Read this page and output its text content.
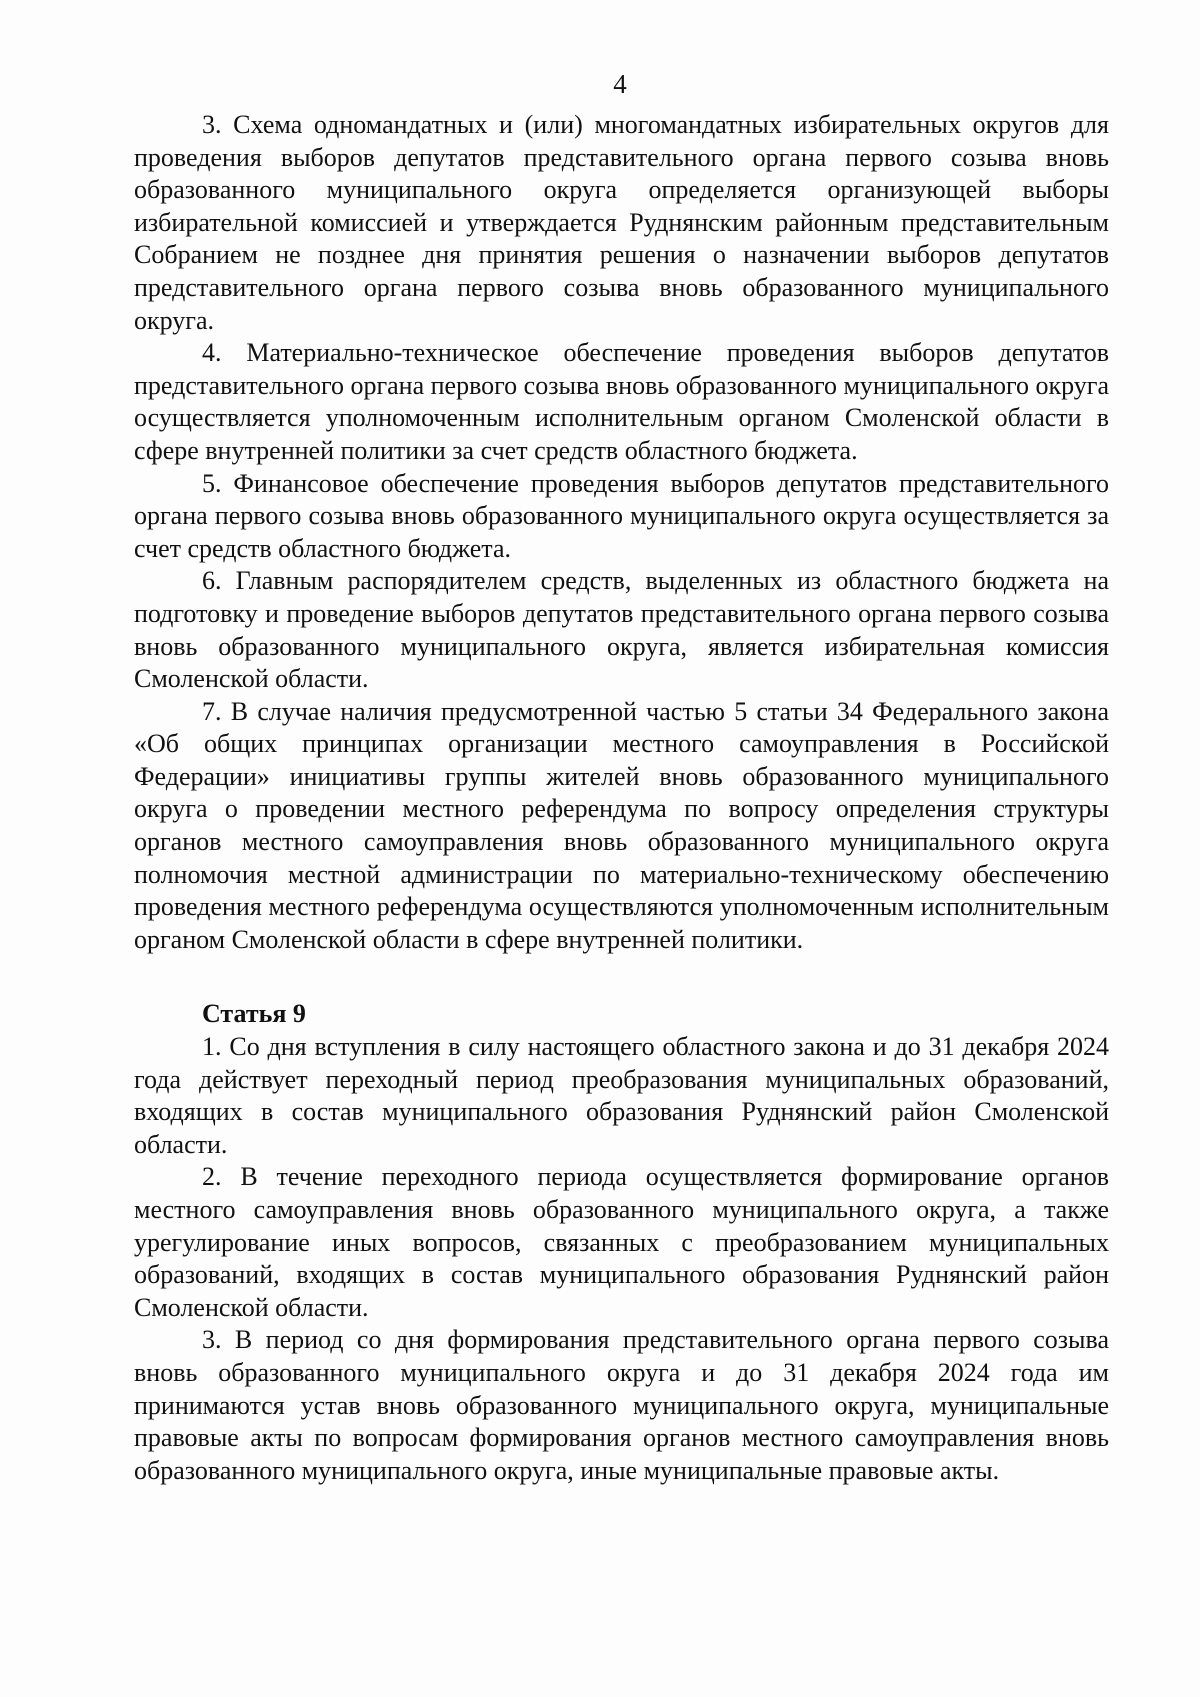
4

3. Схема одномандатных и (или) многомандатных избирательных округов для проведения выборов депутатов представительного органа первого созыва вновь образованного муниципального округа определяется организующей выборы избирательной комиссией и утверждается Руднянским районным представительным Собранием не позднее дня принятия решения о назначении выборов депутатов представительного органа первого созыва вновь образованного муниципального округа.

4. Материально-техническое обеспечение проведения выборов депутатов представительного органа первого созыва вновь образованного муниципального округа осуществляется уполномоченным исполнительным органом Смоленской области в сфере внутренней политики за счет средств областного бюджета.

5. Финансовое обеспечение проведения выборов депутатов представительного органа первого созыва вновь образованного муниципального округа осуществляется за счет средств областного бюджета.

6. Главным распорядителем средств, выделенных из областного бюджета на подготовку и проведение выборов депутатов представительного органа первого созыва вновь образованного муниципального округа, является избирательная комиссия Смоленской области.

7. В случае наличия предусмотренной частью 5 статьи 34 Федерального закона «Об общих принципах организации местного самоуправления в Российской Федерации» инициативы группы жителей вновь образованного муниципального округа о проведении местного референдума по вопросу определения структуры органов местного самоуправления вновь образованного муниципального округа полномочия местной администрации по материально-техническому обеспечению проведения местного референдума осуществляются уполномоченным исполнительным органом Смоленской области в сфере внутренней политики.

Статья 9

1. Со дня вступления в силу настоящего областного закона и до 31 декабря 2024 года действует переходный период преобразования муниципальных образований, входящих в состав муниципального образования Руднянский район Смоленской области.

2. В течение переходного периода осуществляется формирование органов местного самоуправления вновь образованного муниципального округа, а также урегулирование иных вопросов, связанных с преобразованием муниципальных образований, входящих в состав муниципального образования Руднянский район Смоленской области.

3. В период со дня формирования представительного органа первого созыва вновь образованного муниципального округа и до 31 декабря 2024 года им принимаются устав вновь образованного муниципального округа, муниципальные правовые акты по вопросам формирования органов местного самоуправления вновь образованного муниципального округа, иные муниципальные правовые акты.
